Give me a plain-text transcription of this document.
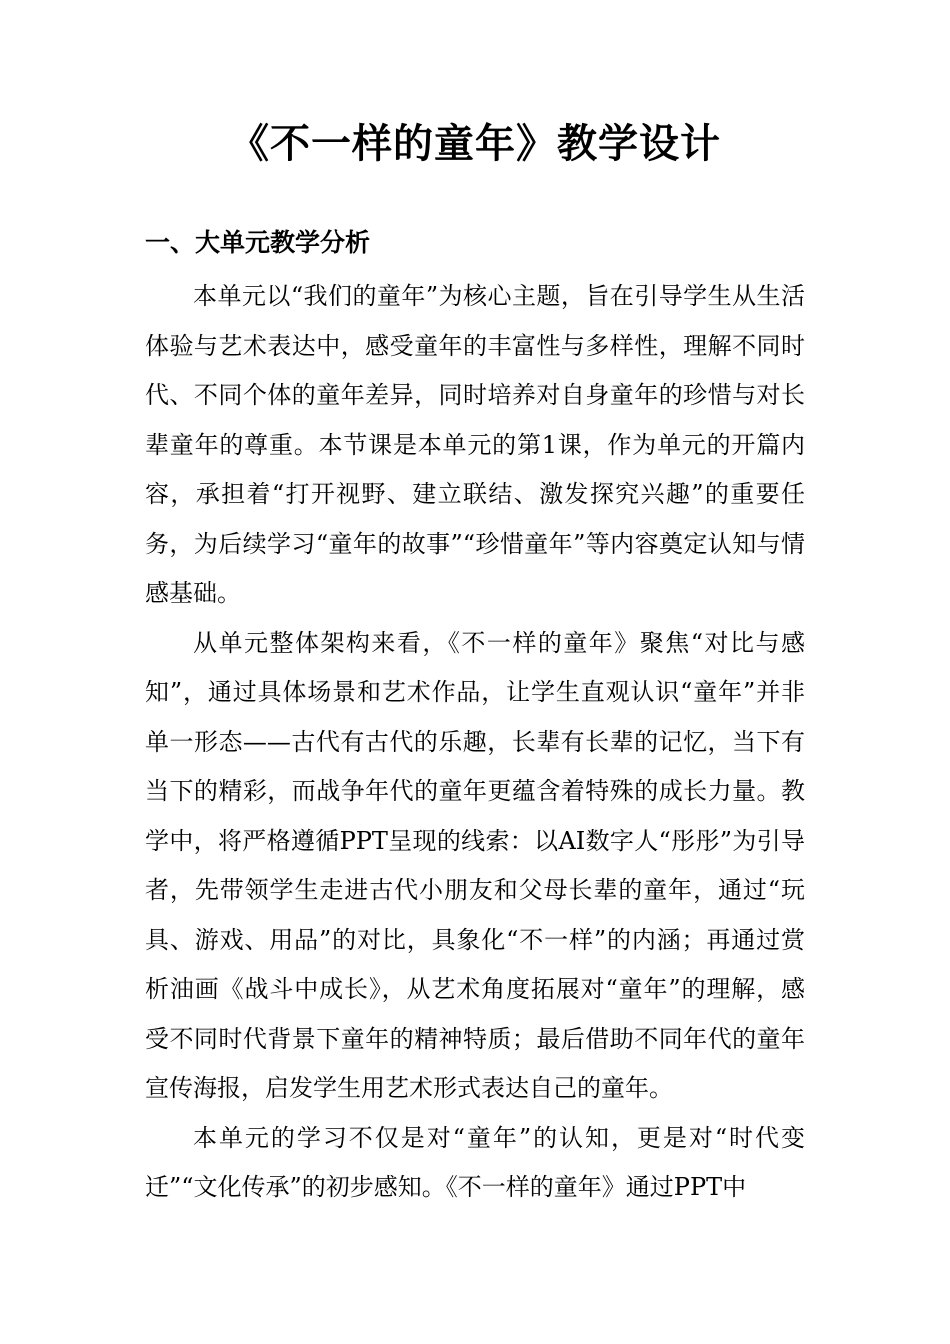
《不一样的童年》教学设计
一、大单元教学分析

本单元以“我们的童年”为核心主题，旨在引导学生从生活体验与艺术表达中，感受童年的丰富性与多样性，理解不同时代、不同个体的童年差异，同时培养对自身童年的珍惜与对长辈童年的尊重。本节课是本单元的第1课，作为单元的开篇内容，承担着“打开视野、建立联结、激发探究兴趣”的重要任务，为后续学习“童年的故事”“珍惜童年”等内容奠定认知与情感基础。

从单元整体架构来看，《不一样的童年》聚焦“对比与感知”，通过具体场景和艺术作品，让学生直观认识“童年”并非单一形态——古代有古代的乐趣，长辈有长辈的记忆，当下有当下的精彩，而战争年代的童年更蕴含着特殊的成长力量。教学中，将严格遵循PPT呈现的线索：以AI数字人“彤彤”为引导者，先带领学生走进古代小朋友和父母长辈的童年，通过“玩具、游戏、用品”的对比，具象化“不一样”的内涵；再通过赏析油画《战斗中成长》，从艺术角度拓展对“童年”的理解，感受不同时代背景下童年的精神特质；最后借助不同年代的童年宣传海报，启发学生用艺术形式表达自己的童年。

本单元的学习不仅是对“童年”的认知，更是对“时代变迁”“文化传承”的初步感知。《不一样的童年》通过PPT中
